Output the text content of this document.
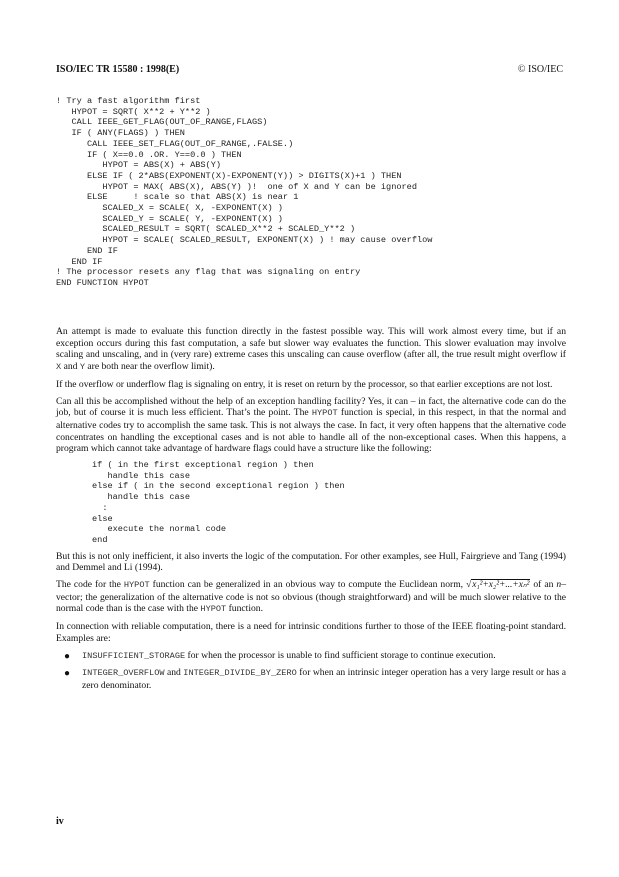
ISO/IEC TR 15580 : 1998(E)	© ISO/IEC
! Try a fast algorithm first
HYPOT = SQRT( X**2 + Y**2 )
CALL IEEE_GET_FLAG(OUT_OF_RANGE,FLAGS)
IF ( ANY(FLAGS) ) THEN
CALL IEEE_SET_FLAG(OUT_OF_RANGE,.FALSE.)
IF ( X==0.0 .OR. Y==0.0 ) THEN
HYPOT = ABS(X) + ABS(Y)
ELSE IF ( 2*ABS(EXPONENT(X)-EXPONENT(Y)) > DIGITS(X)+1 ) THEN
HYPOT = MAX( ABS(X), ABS(Y) )!  one of X and Y can be ignored
ELSE     ! scale so that ABS(X) is near 1
SCALED_X = SCALE( X, -EXPONENT(X) )
SCALED_Y = SCALE( Y, -EXPONENT(X) )
SCALED_RESULT = SQRT( SCALED_X**2 + SCALED_Y**2 )
HYPOT = SCALE( SCALED_RESULT, EXPONENT(X) ) ! may cause overflow
END IF
END IF
! The processor resets any flag that was signaling on entry
END FUNCTION HYPOT

An attempt is made to evaluate this function directly in the fastest possible way. This will work almost every time, but if an exception occurs during this fast computation, a safe but slower way evaluates the function. This slower evaluation may involve scaling and unscaling, and in (very rare) extreme cases this unscaling can cause overflow (after all, the true result might overflow if X and Y are both near the overflow limit).

If the overflow or underflow flag is signaling on entry, it is reset on return by the processor, so that earlier exceptions are not lost.

Can all this be accomplished without the help of an exception handling facility? Yes, it can – in fact, the alternative code can do the job, but of course it is much less efficient. That’s the point. The HYPOT function is special, in this respect, in that the normal and alternative codes try to accomplish the same task. This is not always the case. In fact, it very often happens that the alternative code concentrates on handling the exceptional cases and is not able to handle all of the non-exceptional cases. When this happens, a program which cannot take advantage of hardware flags could have a structure like the following:

if ( in the first exceptional region ) then
handle this case
else if ( in the second exceptional region ) then
handle this case
:
else
execute the normal code
end

But this is not only inefficient, it also inverts the logic of the computation. For other examples, see Hull, Fairgrieve and Tang (1994) and Demmel and Li (1994).

The code for the HYPOT function can be generalized in an obvious way to compute the Euclidean norm, √x₁²+x₂²+...+xₙ² of an n–vector; the generalization of the alternative code is not so obvious (though straightforward) and will be much slower relative to the normal code than is the case with the HYPOT function.

In connection with reliable computation, there is a need for intrinsic conditions further to those of the IEEE floating-point standard. Examples are:

● INSUFFICIENT_STORAGE for when the processor is unable to find sufficient storage to continue execution.
● INTEGER_OVERFLOW and INTEGER_DIVIDE_BY_ZERO for when an intrinsic integer operation has a very large result or has a zero denominator.
iv
